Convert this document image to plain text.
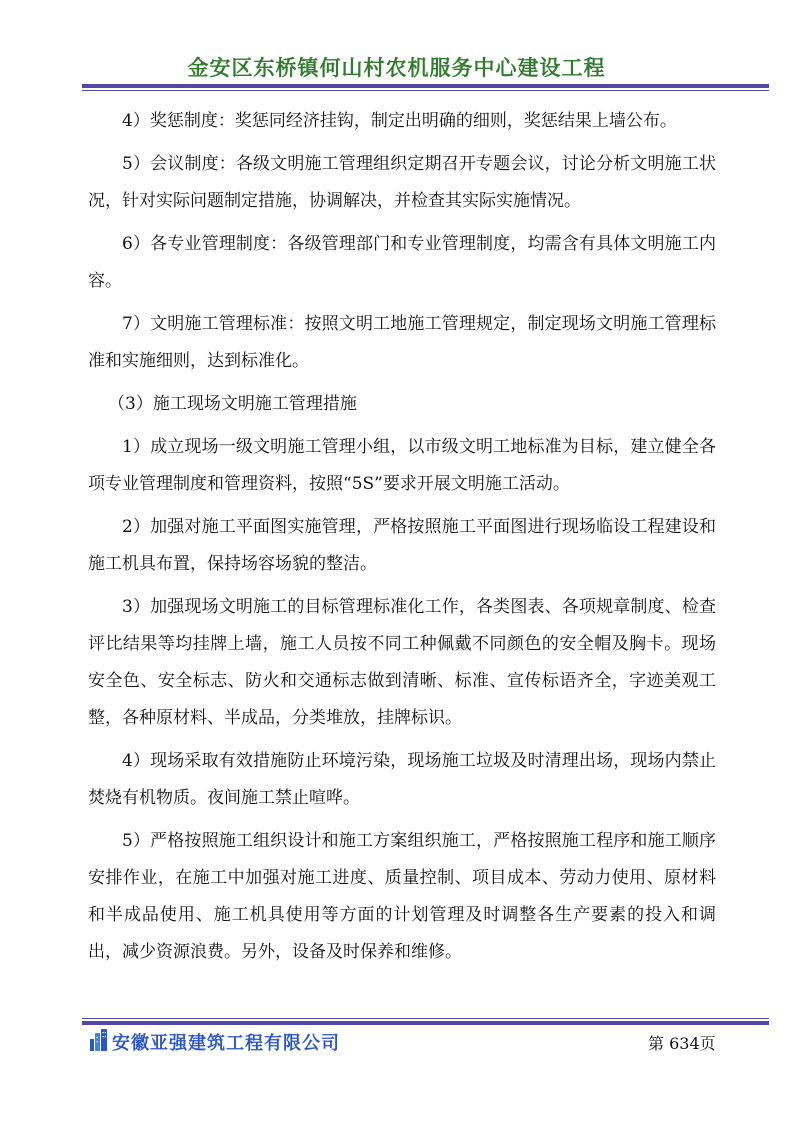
金安区东桥镇何山村农机服务中心建设工程

4）奖惩制度：奖惩同经济挂钩，制定出明确的细则，奖惩结果上墙公布。

5）会议制度：各级文明施工管理组织定期召开专题会议，讨论分析文明施工状况，针对实际问题制定措施，协调解决，并检查其实际实施情况。

6）各专业管理制度：各级管理部门和专业管理制度，均需含有具体文明施工内容。

7）文明施工管理标准：按照文明工地施工管理规定，制定现场文明施工管理标准和实施细则，达到标准化。

（3）施工现场文明施工管理措施

1）成立现场一级文明施工管理小组，以市级文明工地标准为目标，建立健全各项专业管理制度和管理资料，按照“5S”要求开展文明施工活动。

2）加强对施工平面图实施管理，严格按照施工平面图进行现场临设工程建设和施工机具布置，保持场容场貌的整洁。

3）加强现场文明施工的目标管理标准化工作，各类图表、各项规章制度、检查评比结果等均挂牌上墙，施工人员按不同工种佩戴不同颜色的安全帽及胸卡。现场安全色、安全标志、防火和交通标志做到清晰、标准、宣传标语齐全，字迹美观工整，各种原材料、半成品，分类堆放，挂牌标识。

4）现场采取有效措施防止环境污染，现场施工垃圾及时清理出场，现场内禁止焚烧有机物质。夜间施工禁止喧哗。

5）严格按照施工组织设计和施工方案组织施工，严格按照施工程序和施工顺序安排作业，在施工中加强对施工进度、质量控制、项目成本、劳动力使用、原材料和半成品使用、施工机具使用等方面的计划管理及时调整各生产要素的投入和调出，减少资源浪费。另外，设备及时保养和维修。

安徽亚强建筑工程有限公司	第 634页
